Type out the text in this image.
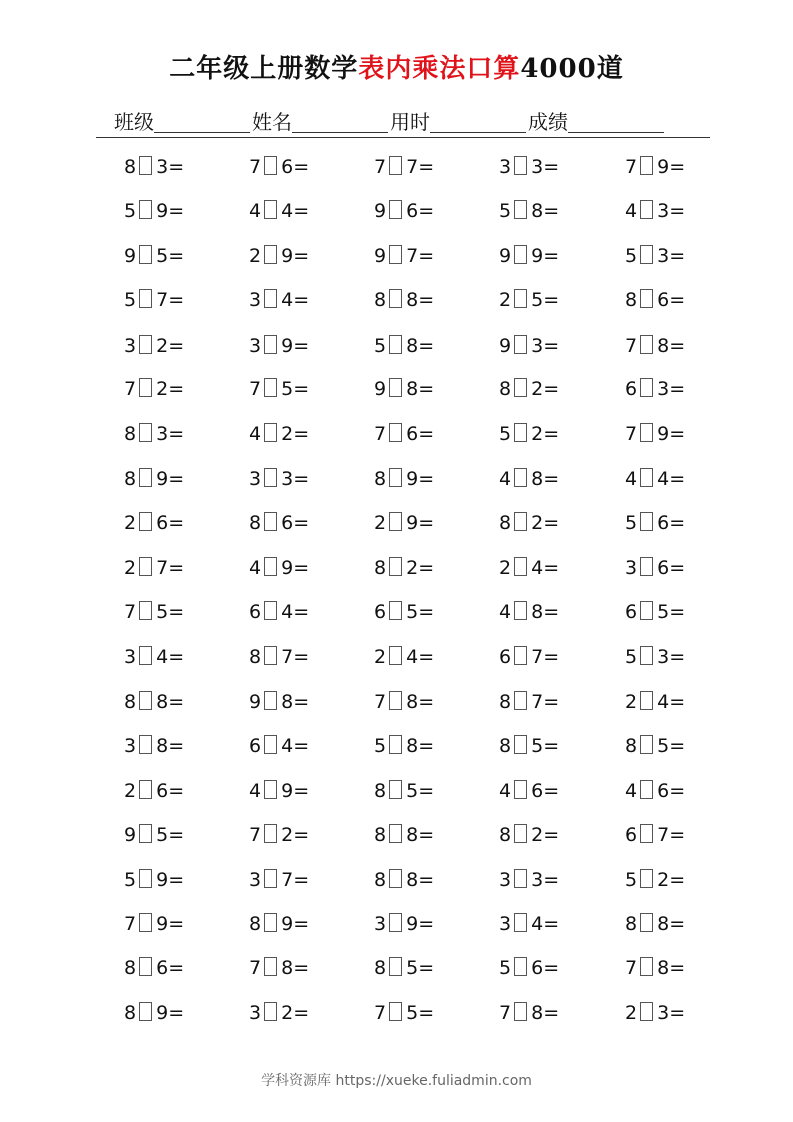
二年级上册数学表内乘法口算4000道
班级	姓名	用时	成绩
8 3=	7 6=	7 7=	3 3=	7 9=
5 9=	4 4=	9 6=	5 8=	4 3=
9 5=	2 9=	9 7=	9 9=	5 3=
5 7=	3 4=	8 8=	2 5=	8 6=
3 2=	3 9=	5 8=	9 3=	7 8=
7 2=	7 5=	9 8=	8 2=	6 3=
8 3=	4 2=	7 6=	5 2=	7 9=
8 9=	3 3=	8 9=	4 8=	4 4=
2 6=	8 6=	2 9=	8 2=	5 6=
2 7=	4 9=	8 2=	2 4=	3 6=
7 5=	6 4=	6 5=	4 8=	6 5=
3 4=	8 7=	2 4=	6 7=	5 3=
8 8=	9 8=	7 8=	8 7=	2 4=
3 8=	6 4=	5 8=	8 5=	8 5=
2 6=	4 9=	8 5=	4 6=	4 6=
9 5=	7 2=	8 8=	8 2=	6 7=
5 9=	3 7=	8 8=	3 3=	5 2=
7 9=	8 9=	3 9=	3 4=	8 8=
8 6=	7 8=	8 5=	5 6=	7 8=
8 9=	3 2=	7 5=	7 8=	2 3=
学科资源库 https://xueke.fuliadmin.com
